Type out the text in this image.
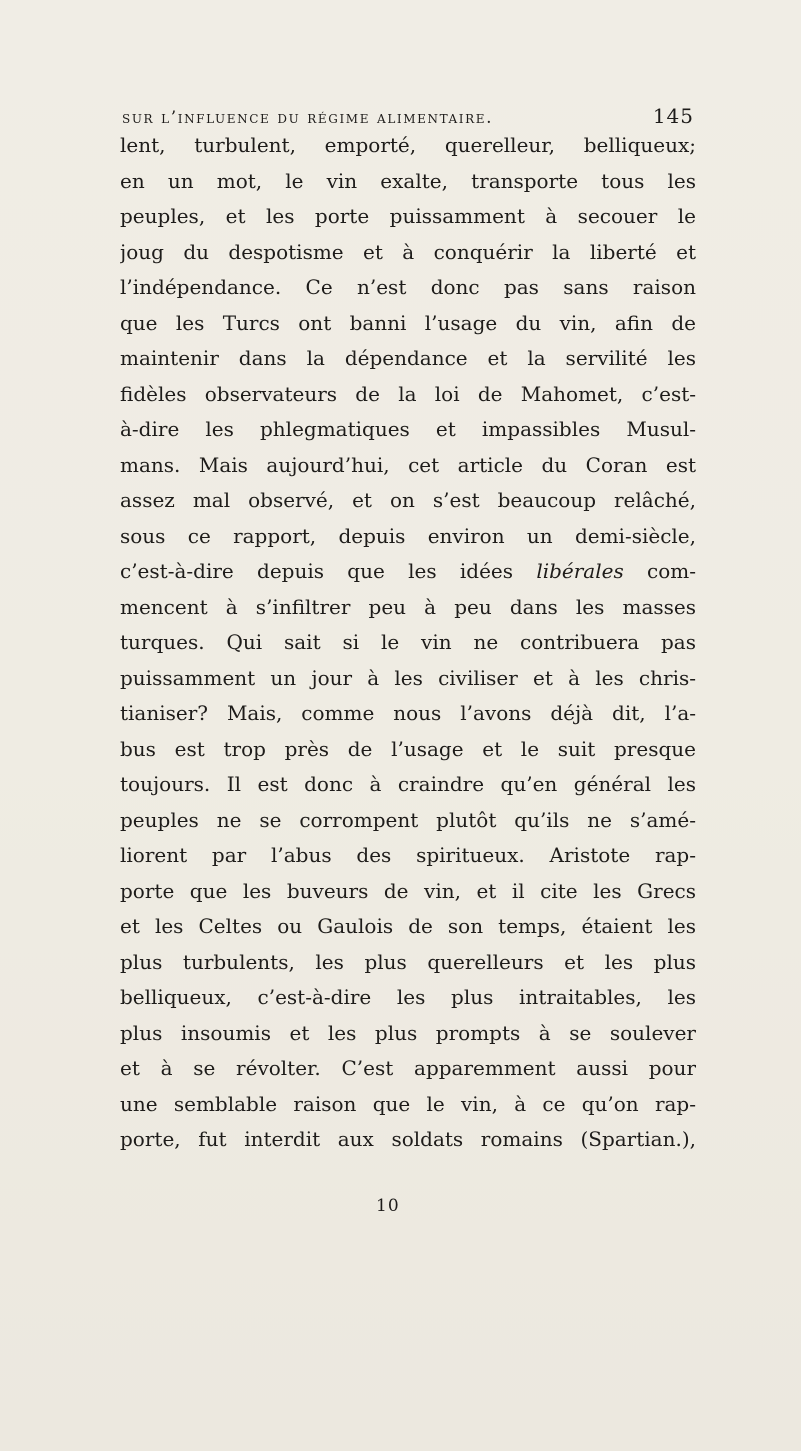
sur l’influence du régime alimentaire.	145
lent, turbulent, emporté, querelleur, belliqueux;
en un mot, le vin exalte, transporte tous les
peuples, et les porte puissamment à secouer le
joug du despotisme et à conquérir la liberté et
l’indépendance. Ce n’est donc pas sans raison
que les Turcs ont banni l’usage du vin, afin de
maintenir dans la dépendance et la servilité les
fidèles observateurs de la loi de Mahomet, c’est-
à-dire les phlegmatiques et impassibles Musul-
mans. Mais aujourd’hui, cet article du Coran est
assez mal observé, et on s’est beaucoup relâché,
sous ce rapport, depuis environ un demi-siècle,
c’est-à-dire depuis que les idées libérales com-
mencent à s’infiltrer peu à peu dans les masses
turques. Qui sait si le vin ne contribuera pas
puissamment un jour à les civiliser et à les chris-
tianiser? Mais, comme nous l’avons déjà dit, l’a-
bus est trop près de l’usage et le suit presque
toujours. Il est donc à craindre qu’en général les
peuples ne se corrompent plutôt qu’ils ne s’amé-
liorent par l’abus des spiritueux. Aristote rap-
porte que les buveurs de vin, et il cite les Grecs
et les Celtes ou Gaulois de son temps, étaient les
plus turbulents, les plus querelleurs et les plus
belliqueux, c’est-à-dire les plus intraitables, les
plus insoumis et les plus prompts à se soulever
et à se révolter. C’est apparemment aussi pour
une semblable raison que le vin, à ce qu’on rap-
porte, fut interdit aux soldats romains (Spartian.),
10
